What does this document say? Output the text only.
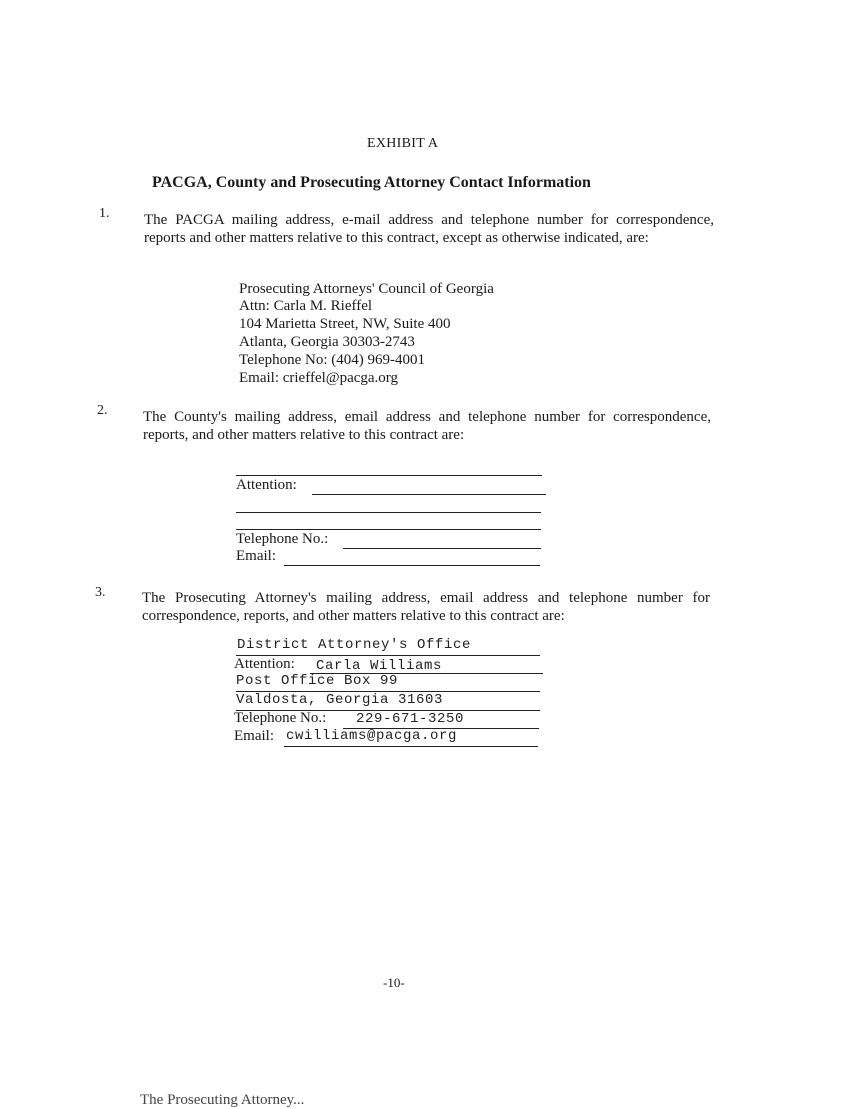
EXHIBIT A
PACGA, County and Prosecuting Attorney Contact Information
1. The PACGA mailing address, e-mail address and telephone number for correspondence, reports and other matters relative to this contract, except as otherwise indicated, are:
Prosecuting Attorneys' Council of Georgia
Attn: Carla M. Rieffel
104 Marietta Street, NW, Suite 400
Atlanta, Georgia 30303-2743
Telephone No: (404) 969-4001
Email: crieffel@pacga.org
2. The County's mailing address, email address and telephone number for correspondence, reports, and other matters relative to this contract are:
Attention:
Telephone No.:
Email:
3. The Prosecuting Attorney's mailing address, email address and telephone number for correspondence, reports, and other matters relative to this contract are:
District Attorney's Office
Attention: Carla Williams
Post Office Box 99
Valdosta, Georgia 31603
Telephone No.: 229-671-3250
Email: cwilliams@pacga.org
-10-
The Prosecuting Attorney...
